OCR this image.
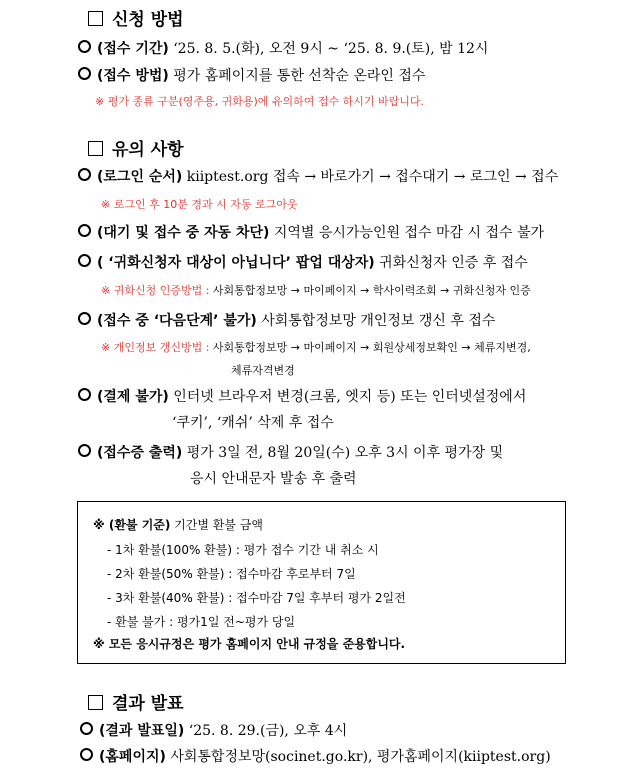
신청 방법
(접수 기간) ‘25. 8. 5.(화), 오전 9시 ~ ‘25. 8. 9.(토), 밤 12시
(접수 방법) 평가 홈페이지를 통한 선착순 온라인 접수
※ 평가 종류 구분(영주용, 귀화용)에 유의하여 접수 하시기 바랍니다.
유의 사항
(로그인 순서) kiiptest.org 접속 → 바로가기 → 접수대기 → 로그인 → 접수
※ 로그인 후 10분 경과 시 자동 로그아웃
(대기 및 접수 중 자동 차단) 지역별 응시가능인원 접수 마감 시 접수 불가
( ‘귀화신청자 대상이 아닙니다’ 팝업 대상자) 귀화신청자 인증 후 접수
※ 귀화신청 인증방법 : 사회통합정보망 → 마이페이지 → 학사이력조회 → 귀화신청자 인증
(접수 중 ‘다음단계’ 불가) 사회통합정보망 개인정보 갱신 후 접수
※ 개인정보 갱신방법 : 사회통합정보망 → 마이페이지 → 회원상세정보확인 → 체류지변경,
체류자격변경
(결제 불가) 인터넷 브라우저 변경(크롬, 엣지 등) 또는 인터넷설정에서
‘쿠키’, ‘캐쉬’ 삭제 후 접수
(접수증 출력) 평가 3일 전, 8월 20일(수) 오후 3시 이후 평가장 및
응시 안내문자 발송 후 출력
※ (환불 기준) 기간별 환불 금액
- 1차 환불(100% 환불) : 평가 접수 기간 내 취소 시
- 2차 환불(50% 환불) : 접수마감 후로부터 7일
- 3차 환불(40% 환불) : 접수마감 7일 후부터 평가 2일전
- 환불 불가 : 평가1일 전~평가 당일
※ 모든 응시규정은 평가 홈페이지 안내 규정을 준용합니다.
결과 발표
(결과 발표일) ‘25. 8. 29.(금), 오후 4시
(홈페이지) 사회통합정보망(socinet.go.kr), 평가홈페이지(kiiptest.org)
